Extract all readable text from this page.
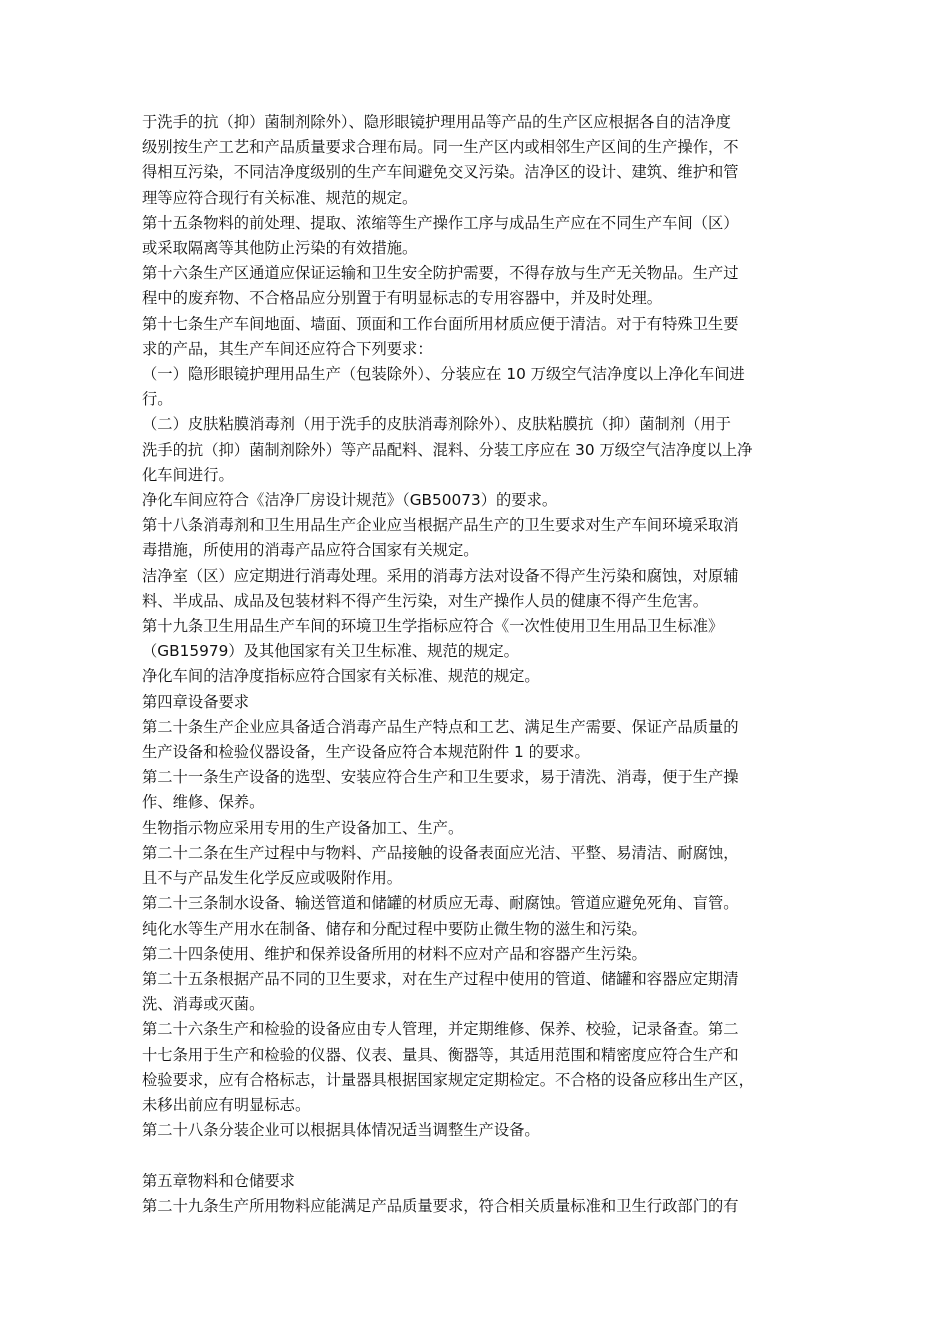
于洗手的抗（抑）菌制剂除外）、隐形眼镜护理用品等产品的生产区应根据各自的洁净度
级别按生产工艺和产品质量要求合理布局。同一生产区内或相邻生产区间的生产操作，不
得相互污染，不同洁净度级别的生产车间避免交叉污染。洁净区的设计、建筑、维护和管
理等应符合现行有关标准、规范的规定。

第十五条物料的前处理、提取、浓缩等生产操作工序与成品生产应在不同生产车间（区）
或采取隔离等其他防止污染的有效措施。

第十六条生产区通道应保证运输和卫生安全防护需要，不得存放与生产无关物品。生产过
程中的废弃物、不合格品应分别置于有明显标志的专用容器中，并及时处理。

第十七条生产车间地面、墙面、顶面和工作台面所用材质应便于清洁。对于有特殊卫生要
求的产品，其生产车间还应符合下列要求：

（一）隐形眼镜护理用品生产（包装除外）、分装应在 10 万级空气洁净度以上净化车间进
行。

（二）皮肤粘膜消毒剂（用于洗手的皮肤消毒剂除外）、皮肤粘膜抗（抑）菌制剂（用于
洗手的抗（抑）菌制剂除外）等产品配料、混料、分装工序应在 30 万级空气洁净度以上净
化车间进行。

净化车间应符合《洁净厂房设计规范》（GB50073）的要求。

第十八条消毒剂和卫生用品生产企业应当根据产品生产的卫生要求对生产车间环境采取消
毒措施，所使用的消毒产品应符合国家有关规定。

洁净室（区）应定期进行消毒处理。采用的消毒方法对设备不得产生污染和腐蚀，对原辅
料、半成品、成品及包装材料不得产生污染，对生产操作人员的健康不得产生危害。

第十九条卫生用品生产车间的环境卫生学指标应符合《一次性使用卫生用品卫生标准》
（GB15979）及其他国家有关卫生标准、规范的规定。

净化车间的洁净度指标应符合国家有关标准、规范的规定。

第四章设备要求

第二十条生产企业应具备适合消毒产品生产特点和工艺、满足生产需要、保证产品质量的
生产设备和检验仪器设备，生产设备应符合本规范附件 1 的要求。

第二十一条生产设备的选型、安装应符合生产和卫生要求，易于清洗、消毒，便于生产操
作、维修、保养。

生物指示物应采用专用的生产设备加工、生产。

第二十二条在生产过程中与物料、产品接触的设备表面应光洁、平整、易清洁、耐腐蚀，
且不与产品发生化学反应或吸附作用。

第二十三条制水设备、输送管道和储罐的材质应无毒、耐腐蚀。管道应避免死角、盲管。
纯化水等生产用水在制备、储存和分配过程中要防止微生物的滋生和污染。

第二十四条使用、维护和保养设备所用的材料不应对产品和容器产生污染。

第二十五条根据产品不同的卫生要求，对在生产过程中使用的管道、储罐和容器应定期清
洗、消毒或灭菌。

第二十六条生产和检验的设备应由专人管理，并定期维修、保养、校验，记录备查。第二
十七条用于生产和检验的仪器、仪表、量具、衡器等，其适用范围和精密度应符合生产和
检验要求，应有合格标志，计量器具根据国家规定定期检定。不合格的设备应移出生产区，
未移出前应有明显标志。

第二十八条分装企业可以根据具体情况适当调整生产设备。

第五章物料和仓储要求

第二十九条生产所用物料应能满足产品质量要求，符合相关质量标准和卫生行政部门的有
